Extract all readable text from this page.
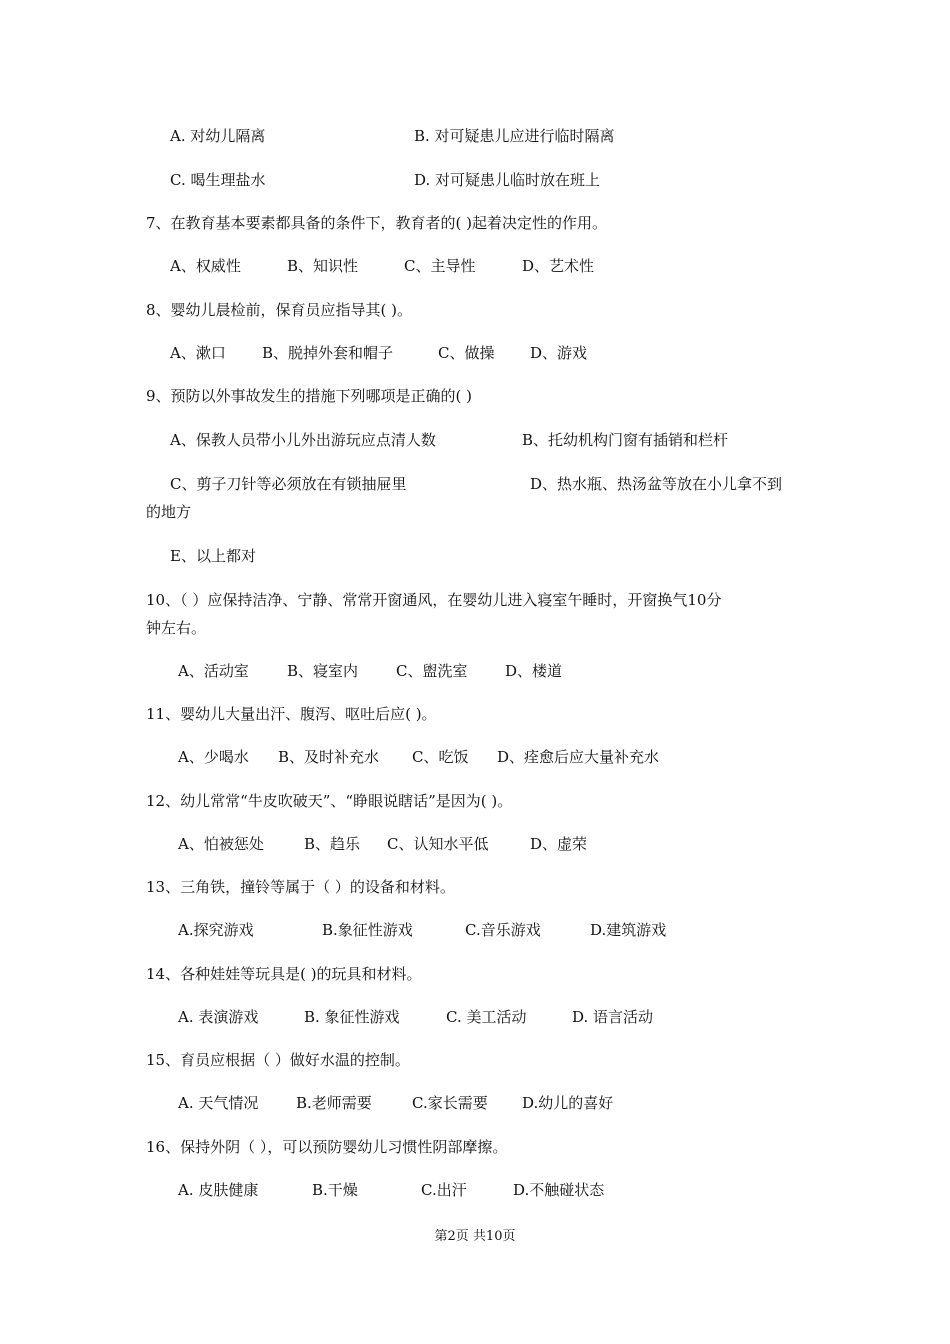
A. 对幼儿隔离	B. 对可疑患儿应进行临时隔离
C. 喝生理盐水	D. 对可疑患儿临时放在班上
7、在教育基本要素都具备的条件下，教育者的( )起着决定性的作用。
A、权威性	B、知识性	C、主导性	D、艺术性
8、婴幼儿晨检前，保育员应指导其( )。
A、漱口 B、脱掉外套和帽子	C、做操 D、游戏
9、预防以外事故发生的措施下列哪项是正确的( )
A、保教人员带小儿外出游玩应点清人数	B、托幼机构门窗有插销和栏杆
C、剪子刀针等必须放在有锁抽屉里	D、热水瓶、热汤盆等放在小儿拿不到
的地方
E、以上都对
10、（ ）应保持洁净、宁静、常常开窗通风，在婴幼儿进入寝室午睡时，开窗换气10分
钟左右。
A、活动室	B、寝室内	C、盥洗室	D、楼道
11、婴幼儿大量出汗、腹泻、呕吐后应( )。
A、少喝水 B、及时补充水 C、吃饭 D、痊愈后应大量补充水
12、幼儿常常“牛皮吹破天”、“睁眼说瞎话”是因为( )。
A、怕被惩处	B、趋乐 C、认知水平低	D、虚荣
13、三角铁，撞铃等属于（ ）的设备和材料。
A.探究游戏	B.象征性游戏	C.音乐游戏	D.建筑游戏
14、各种娃娃等玩具是( )的玩具和材料。
A. 表演游戏	B. 象征性游戏	C. 美工活动	D. 语言活动
15、育员应根据（ ）做好水温的控制。
A. 天气情况	B.老师需要	C.家长需要 D.幼儿的喜好
16、保持外阴（ ），可以预防婴幼儿习惯性阴部摩擦。
A. 皮肤健康	B.干燥	C.出汗	D.不触碰状态
第2页 共10页
